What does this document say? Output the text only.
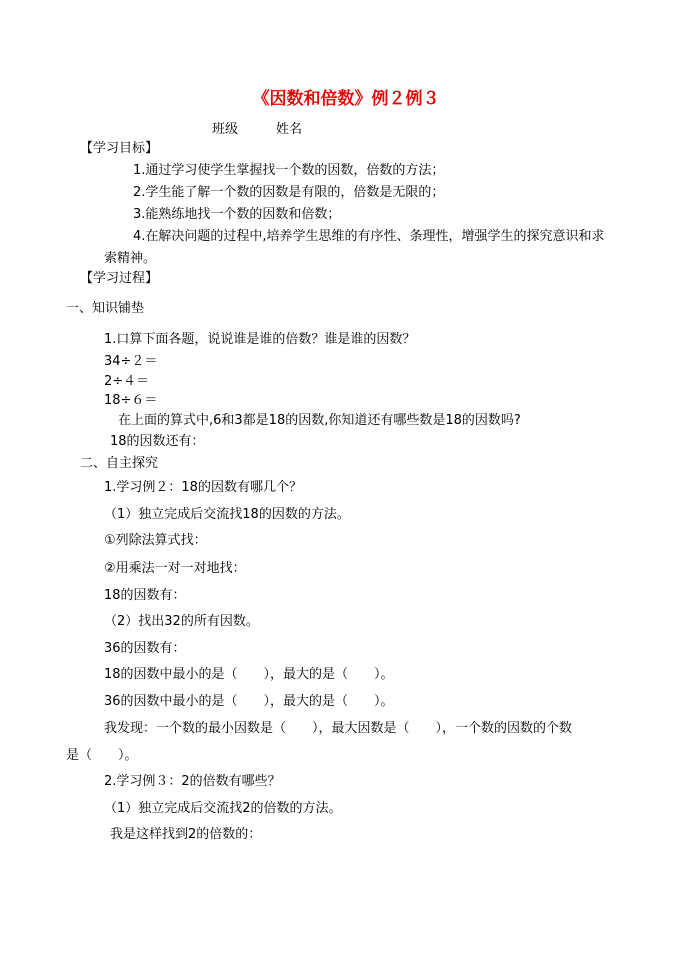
《因数和倍数》例２例３
班级	姓名
【学习目标】
1.通过学习使学生掌握找一个数的因数，倍数的方法；
2.学生能了解一个数的因数是有限的，倍数是无限的；
3.能熟练地找一个数的因数和倍数；
4.在解决问题的过程中,培养学生思维的有序性、条理性，增强学生的探究意识和求
索精神。
【学习过程】
一、知识铺垫
1.口算下面各题，说说谁是谁的倍数？谁是谁的因数？
34÷２＝
2÷４＝
18÷６＝
在上面的算式中,6和3都是18的因数,你知道还有哪些数是18的因数吗?
18的因数还有：
二、自主探究
1.学习例２：18的因数有哪几个？
（1）独立完成后交流找18的因数的方法。
①列除法算式找：
②用乘法一对一对地找：
18的因数有：
（2）找出32的所有因数。
36的因数有：
18的因数中最小的是（　　），最大的是（　　）。
36的因数中最小的是（　　），最大的是（　　）。
我发现：一个数的最小因数是（　　），最大因数是（　　），一个数的因数的个数
是（　　）。
2.学习例３：2的倍数有哪些？
（1）独立完成后交流找2的倍数的方法。
我是这样找到2的倍数的：
